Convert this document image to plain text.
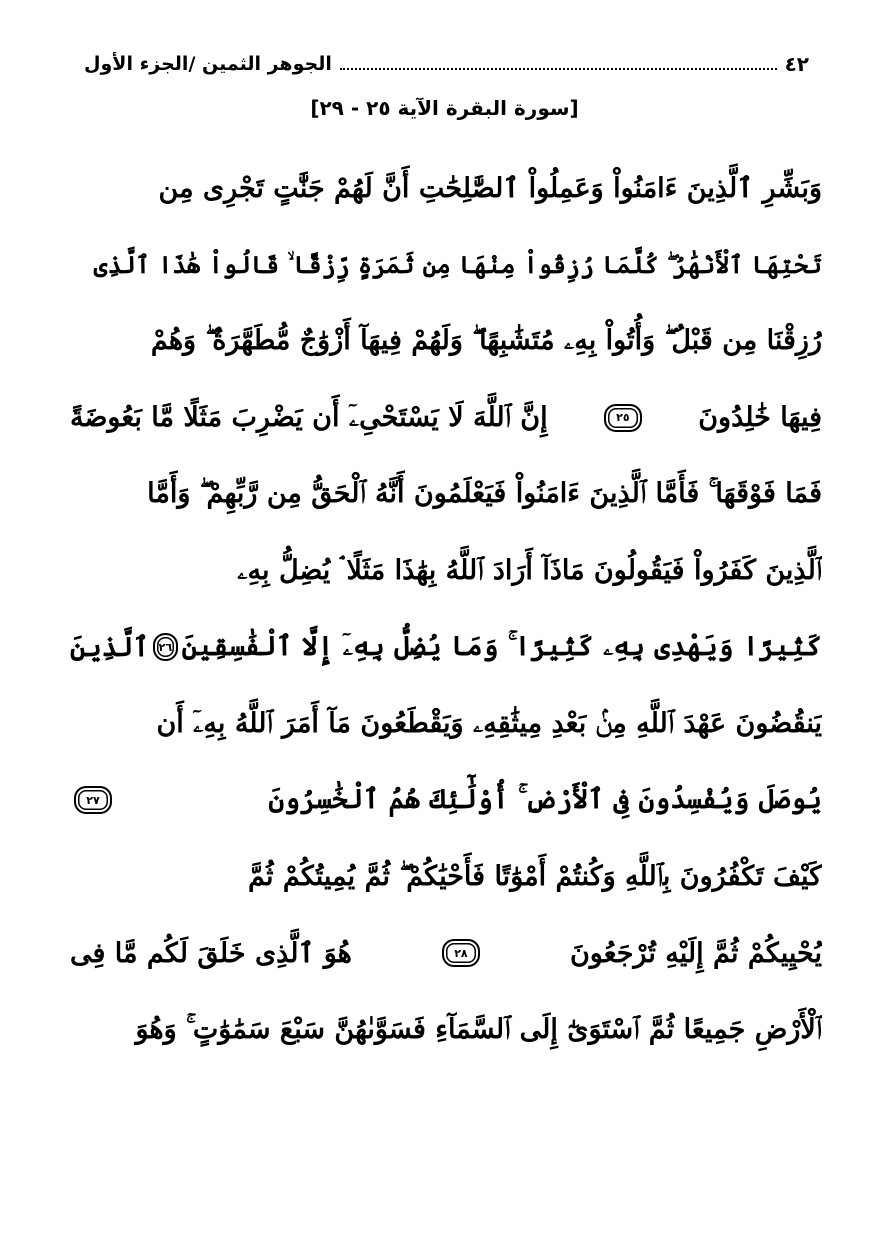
٤٢
الجوهر الثمين /الجزء الأول
[سورة البقرة الآية ٢٥ - ٢٩]
وَبَشِّرِ ٱلَّذِينَ ءَامَنُواْ وَعَمِلُواْ ٱلصَّٰلِحَٰتِ أَنَّ لَهُمْ جَنَّٰتٍ تَجْرِى مِن
تَحْتِهَا ٱلْأَنْهَٰرُ ۖ كُلَّمَا رُزِقُواْ مِنْهَا مِن ثَمَرَةٍ رِّزْقًا ۙ قَالُواْ هَٰذَا ٱلَّذِى
رُزِقْنَا مِن قَبْلُ ۖ وَأُتُواْ بِهِۦ مُتَشَٰبِهًا ۖ وَلَهُمْ فِيهَآ أَزْوَٰجٌ مُّطَهَّرَةٌ ۖ وَهُمْ
فِيهَا خَٰلِدُونَ
٢٥
إِنَّ ٱللَّهَ لَا يَسْتَحْىِۦٓ أَن يَضْرِبَ مَثَلًا مَّا بَعُوضَةً
فَمَا فَوْقَهَا ۚ فَأَمَّا ٱلَّذِينَ ءَامَنُواْ فَيَعْلَمُونَ أَنَّهُ ٱلْحَقُّ مِن رَّبِّهِمْ ۖ وَأَمَّا
ٱلَّذِينَ كَفَرُواْ فَيَقُولُونَ مَاذَآ أَرَادَ ٱللَّهُ بِهَٰذَا مَثَلًا ۘ يُضِلُّ بِهِۦ
كَثِيرًا وَيَهْدِى بِهِۦ كَثِيرًا ۚ وَمَا يُضِلُّ بِهِۦٓ إِلَّا ٱلْفَٰسِقِينَ
٢٦
ٱلَّذِينَ
يَنقُضُونَ عَهْدَ ٱللَّهِ مِنۢ بَعْدِ مِيثَٰقِهِۦ وَيَقْطَعُونَ مَآ أَمَرَ ٱللَّهُ بِهِۦٓ أَن
يُوصَلَ وَيُفْسِدُونَ فِى ٱلْأَرْضِ ۚ أُوْلَٰٓئِكَ هُمُ ٱلْخَٰسِرُونَ
٢٧
كَيْفَ تَكْفُرُونَ بِٱللَّهِ وَكُنتُمْ أَمْوَٰتًا فَأَحْيَٰكُمْ ۖ ثُمَّ يُمِيتُكُمْ ثُمَّ
يُحْيِيكُمْ ثُمَّ إِلَيْهِ تُرْجَعُونَ
٢٨
هُوَ ٱلَّذِى خَلَقَ لَكُم مَّا فِى
ٱلْأَرْضِ جَمِيعًا ثُمَّ ٱسْتَوَىٰٓ إِلَى ٱلسَّمَآءِ فَسَوَّىٰهُنَّ سَبْعَ سَمَٰوَٰتٍ ۚ وَهُوَ
